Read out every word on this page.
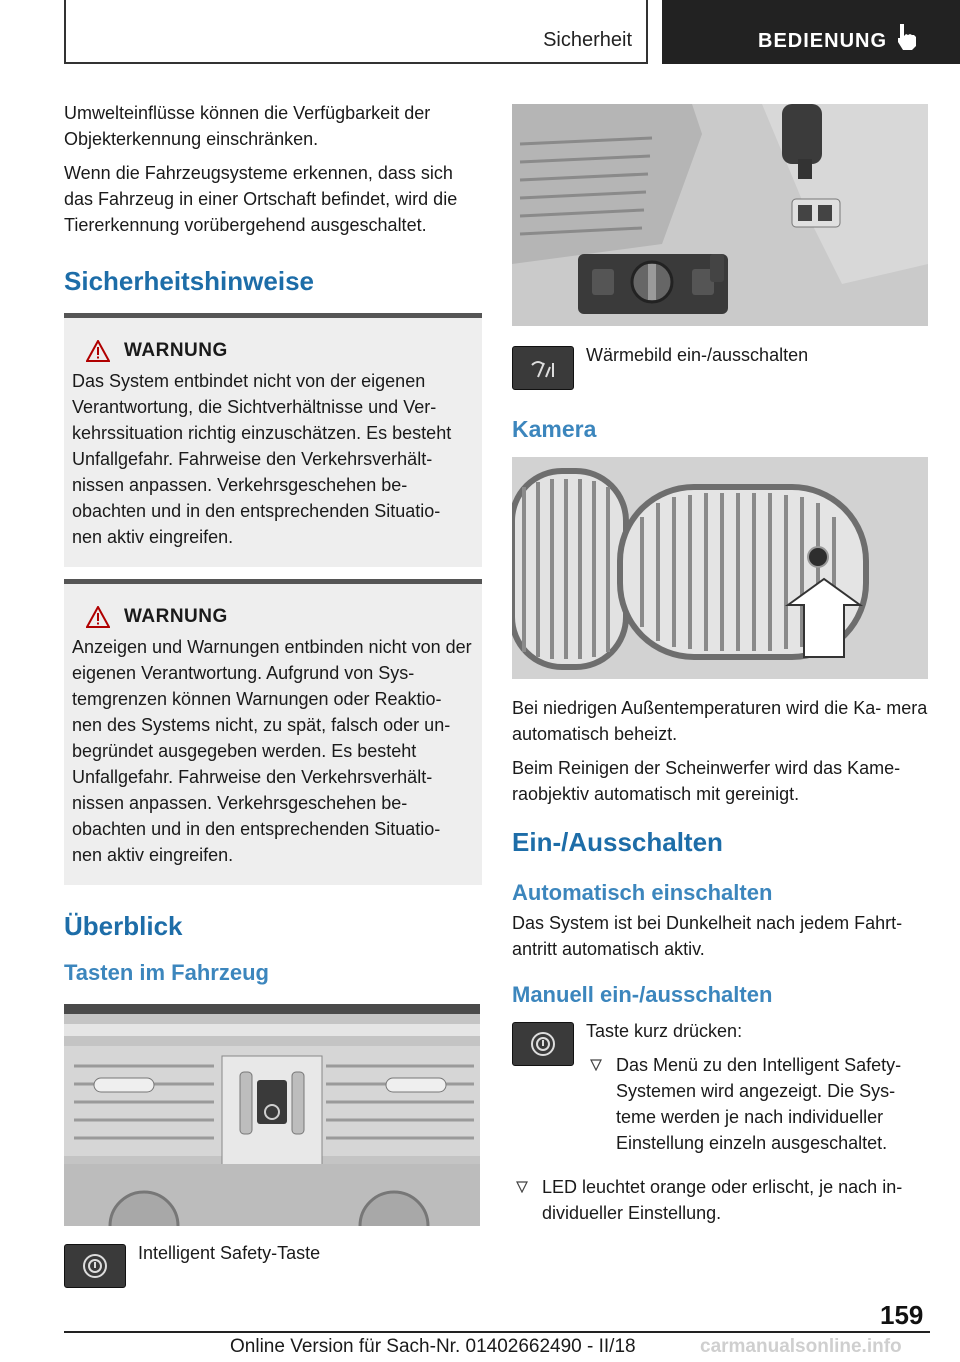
Sicherheit	BEDIENUNG

Umwelteinflüsse können die Verfügbarkeit der Objekterkennung einschränken.

Wenn die Fahrzeugsysteme erkennen, dass sich das Fahrzeug in einer Ortschaft befindet, wird die Tiererkennung vorübergehend ausgeschaltet.

Sicherheitshinweise
WARNUNG

Das System entbindet nicht von der eigenen Verantwortung, die Sichtverhältnisse und Ver- kehrssituation richtig einzuschätzen. Es besteht Unfallgefahr. Fahrweise den Verkehrsverhält- nissen anpassen. Verkehrsgeschehen be- obachten und in den entsprechenden Situatio- nen aktiv eingreifen.

WARNUNG

Anzeigen und Warnungen entbinden nicht von der eigenen Verantwortung. Aufgrund von Sys- temgrenzen können Warnungen oder Reaktio- nen des Systems nicht, zu spät, falsch oder un- begründet ausgegeben werden. Es besteht Unfallgefahr. Fahrweise den Verkehrsverhält- nissen anpassen. Verkehrsgeschehen be- obachten und in den entsprechenden Situatio- nen aktiv eingreifen.

Überblick
Tasten im Fahrzeug
Intelligent Safety-Taste
Wärmebild ein-/ausschalten
Kamera

Bei niedrigen Außentemperaturen wird die Ka- mera automatisch beheizt.

Beim Reinigen der Scheinwerfer wird das Kame- raobjektiv automatisch mit gereinigt.

Ein-/Ausschalten
Automatisch einschalten

Das System ist bei Dunkelheit nach jedem Fahrt- antritt automatisch aktiv.

Manuell ein-/ausschalten

Taste kurz drücken:

Das Menü zu den Intelligent Safety- Systemen wird angezeigt. Die Sys- teme werden je nach individueller Einstellung einzeln ausgeschaltet.
LED leuchtet orange oder erlischt, je nach in- dividueller Einstellung.
159
Online Version für Sach-Nr. 01402662490 - II/18	carmanualsonline.info
